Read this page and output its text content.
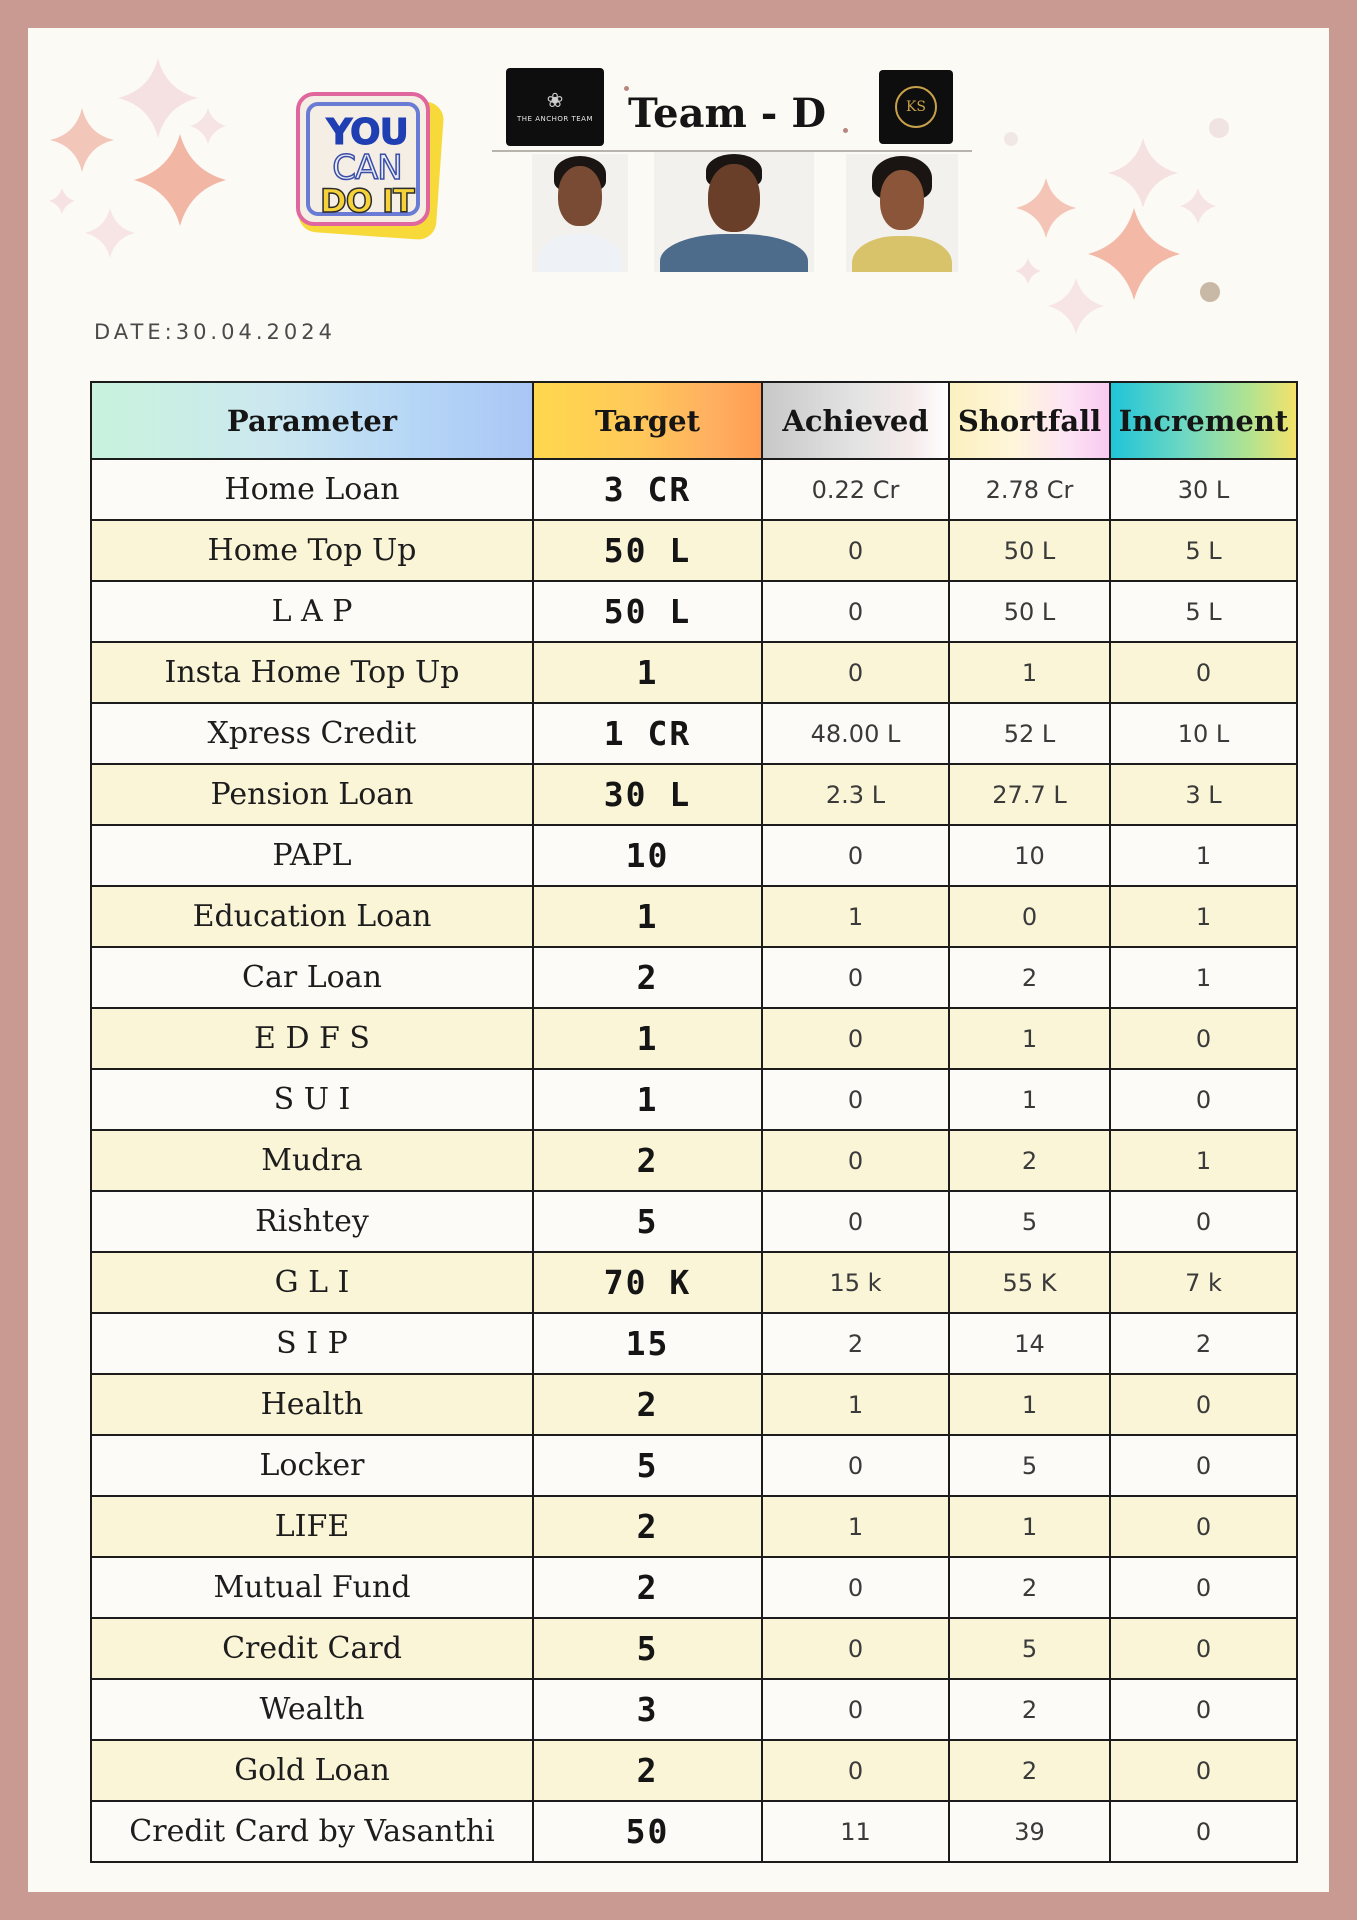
YOU
CAN
DO IT
❀
THE ANCHOR TEAM Team - D	KS
DATE:30.04.2024
Parameter	Target	Achieved	Shortfall	Increment
Home Loan	3 CR	0.22 Cr	2.78 Cr	30 L
Home Top Up	50 L	0	50 L	5 L
L A P	50 L	0	50 L	5 L
Insta Home Top Up	1	0	1	0
Xpress Credit	1 CR	48.00 L	52 L	10 L
Pension Loan	30 L	2.3 L	27.7 L	3 L
PAPL	10	0	10	1
Education Loan	1	1	0	1
Car Loan	2	0	2	1
E D F S	1	0	1	0
S U I	1	0	1	0
Mudra	2	0	2	1
Rishtey	5	0	5	0
G L I	70 K	15 k	55 K	7 k
S I P	15	2	14	2
Health	2	1	1	0
Locker	5	0	5	0
LIFE	2	1	1	0
Mutual Fund	2	0	2	0
Credit Card	5	0	5	0
Wealth	3	0	2	0
Gold Loan	2	0	2	0
Credit Card by Vasanthi	50	11	39	0
